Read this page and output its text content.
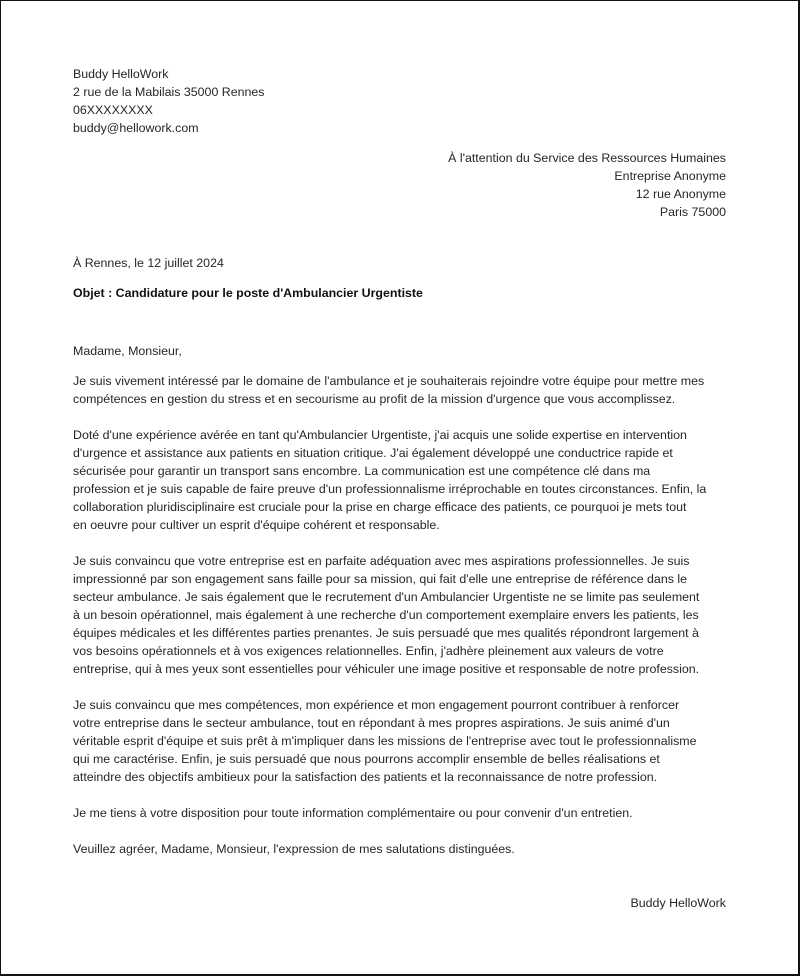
Buddy HelloWork
2 rue de la Mabilais 35000 Rennes
06XXXXXXXX
buddy@hellowork.com
À l'attention du Service des Ressources Humaines
Entreprise Anonyme
12 rue Anonyme
Paris 75000
À Rennes, le 12 juillet 2024
Objet : Candidature pour le poste d'Ambulancier Urgentiste
Madame, Monsieur,
Je suis vivement intéressé par le domaine de l'ambulance et je souhaiterais rejoindre votre équipe pour mettre mes
compétences en gestion du stress et en secourisme au profit de la mission d'urgence que vous accomplissez.
Doté d'une expérience avérée en tant qu'Ambulancier Urgentiste, j'ai acquis une solide expertise en intervention
d'urgence et assistance aux patients en situation critique. J'ai également développé une conductrice rapide et
sécurisée pour garantir un transport sans encombre. La communication est une compétence clé dans ma
profession et je suis capable de faire preuve d'un professionnalisme irréprochable en toutes circonstances. Enfin, la
collaboration pluridisciplinaire est cruciale pour la prise en charge efficace des patients, ce pourquoi je mets tout
en oeuvre pour cultiver un esprit d'équipe cohérent et responsable.
Je suis convaincu que votre entreprise est en parfaite adéquation avec mes aspirations professionnelles. Je suis
impressionné par son engagement sans faille pour sa mission, qui fait d'elle une entreprise de référence dans le
secteur ambulance. Je sais également que le recrutement d'un Ambulancier Urgentiste ne se limite pas seulement
à un besoin opérationnel, mais également à une recherche d'un comportement exemplaire envers les patients, les
équipes médicales et les différentes parties prenantes. Je suis persuadé que mes qualités répondront largement à
vos besoins opérationnels et à vos exigences relationnelles. Enfin, j'adhère pleinement aux valeurs de votre
entreprise, qui à mes yeux sont essentielles pour véhiculer une image positive et responsable de notre profession.
Je suis convaincu que mes compétences, mon expérience et mon engagement pourront contribuer à renforcer
votre entreprise dans le secteur ambulance, tout en répondant à mes propres aspirations. Je suis animé d'un
véritable esprit d'équipe et suis prêt à m'impliquer dans les missions de l'entreprise avec tout le professionnalisme
qui me caractérise. Enfin, je suis persuadé que nous pourrons accomplir ensemble de belles réalisations et
atteindre des objectifs ambitieux pour la satisfaction des patients et la reconnaissance de notre profession.
Je me tiens à votre disposition pour toute information complémentaire ou pour convenir d'un entretien.
Veuillez agréer, Madame, Monsieur, l'expression de mes salutations distinguées.
Buddy HelloWork
